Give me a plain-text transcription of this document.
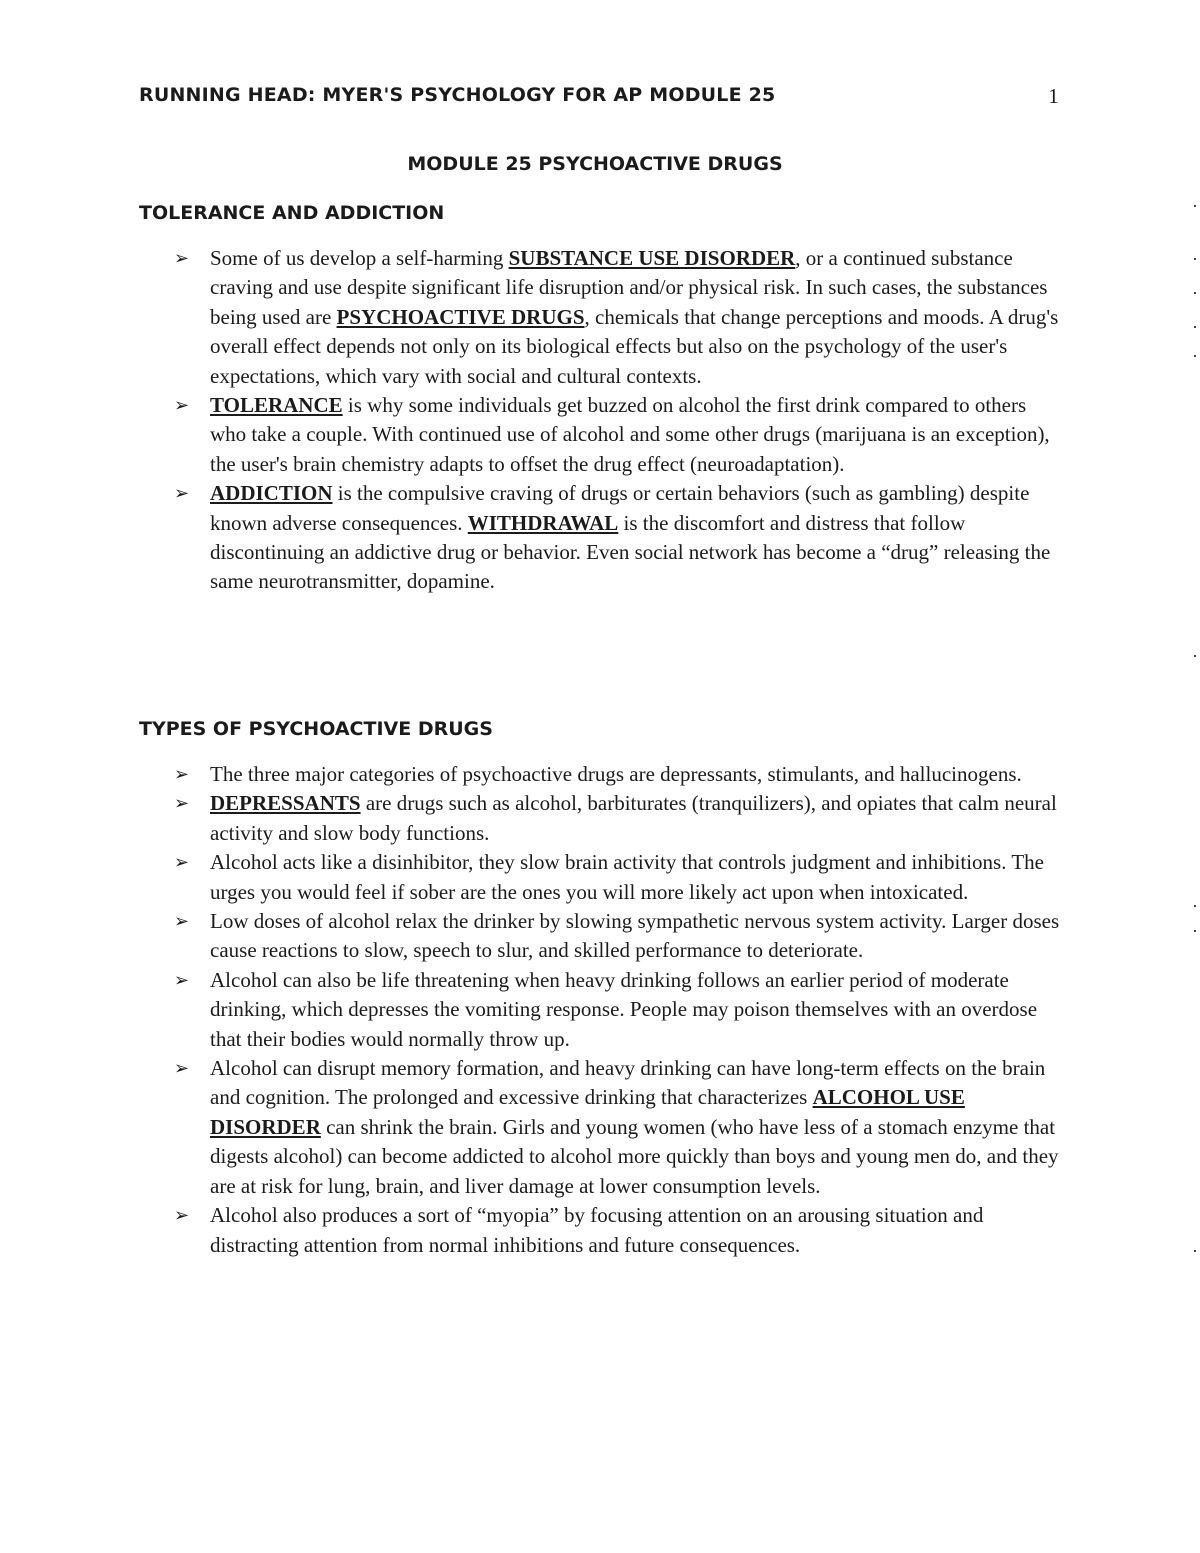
RUNNING HEAD: MYER'S PSYCHOLOGY FOR AP MODULE 25	1
MODULE 25 PSYCHOACTIVE DRUGS
TOLERANCE AND ADDICTION
➢ Some of us develop a self-harming SUBSTANCE USE DISORDER, or a continued substance craving and use despite significant life disruption and/or physical risk. In such cases, the substances being used are PSYCHOACTIVE DRUGS, chemicals that change perceptions and moods. A drug's overall effect depends not only on its biological effects but also on the psychology of the user's expectations, which vary with social and cultural contexts.
➢ TOLERANCE is why some individuals get buzzed on alcohol the first drink compared to others who take a couple. With continued use of alcohol and some other drugs (marijuana is an exception), the user's brain chemistry adapts to offset the drug effect (neuroadaptation).
➢ ADDICTION is the compulsive craving of drugs or certain behaviors (such as gambling) despite known adverse consequences. WITHDRAWAL is the discomfort and distress that follow discontinuing an addictive drug or behavior. Even social network has become a “drug” releasing the same neurotransmitter, dopamine.
TYPES OF PSYCHOACTIVE DRUGS
➢ The three major categories of psychoactive drugs are depressants, stimulants, and hallucinogens.
➢ DEPRESSANTS are drugs such as alcohol, barbiturates (tranquilizers), and opiates that calm neural activity and slow body functions.
➢ Alcohol acts like a disinhibitor, they slow brain activity that controls judgment and inhibitions. The urges you would feel if sober are the ones you will more likely act upon when intoxicated.
➢ Low doses of alcohol relax the drinker by slowing sympathetic nervous system activity. Larger doses cause reactions to slow, speech to slur, and skilled performance to deteriorate.
➢ Alcohol can also be life threatening when heavy drinking follows an earlier period of moderate drinking, which depresses the vomiting response. People may poison themselves with an overdose that their bodies would normally throw up.
➢ Alcohol can disrupt memory formation, and heavy drinking can have long-term effects on the brain and cognition. The prolonged and excessive drinking that characterizes ALCOHOL USE DISORDER can shrink the brain. Girls and young women (who have less of a stomach enzyme that digests alcohol) can become addicted to alcohol more quickly than boys and young men do, and they are at risk for lung, brain, and liver damage at lower consumption levels.
➢ Alcohol also produces a sort of “myopia” by focusing attention on an arousing situation and distracting attention from normal inhibitions and future consequences.
